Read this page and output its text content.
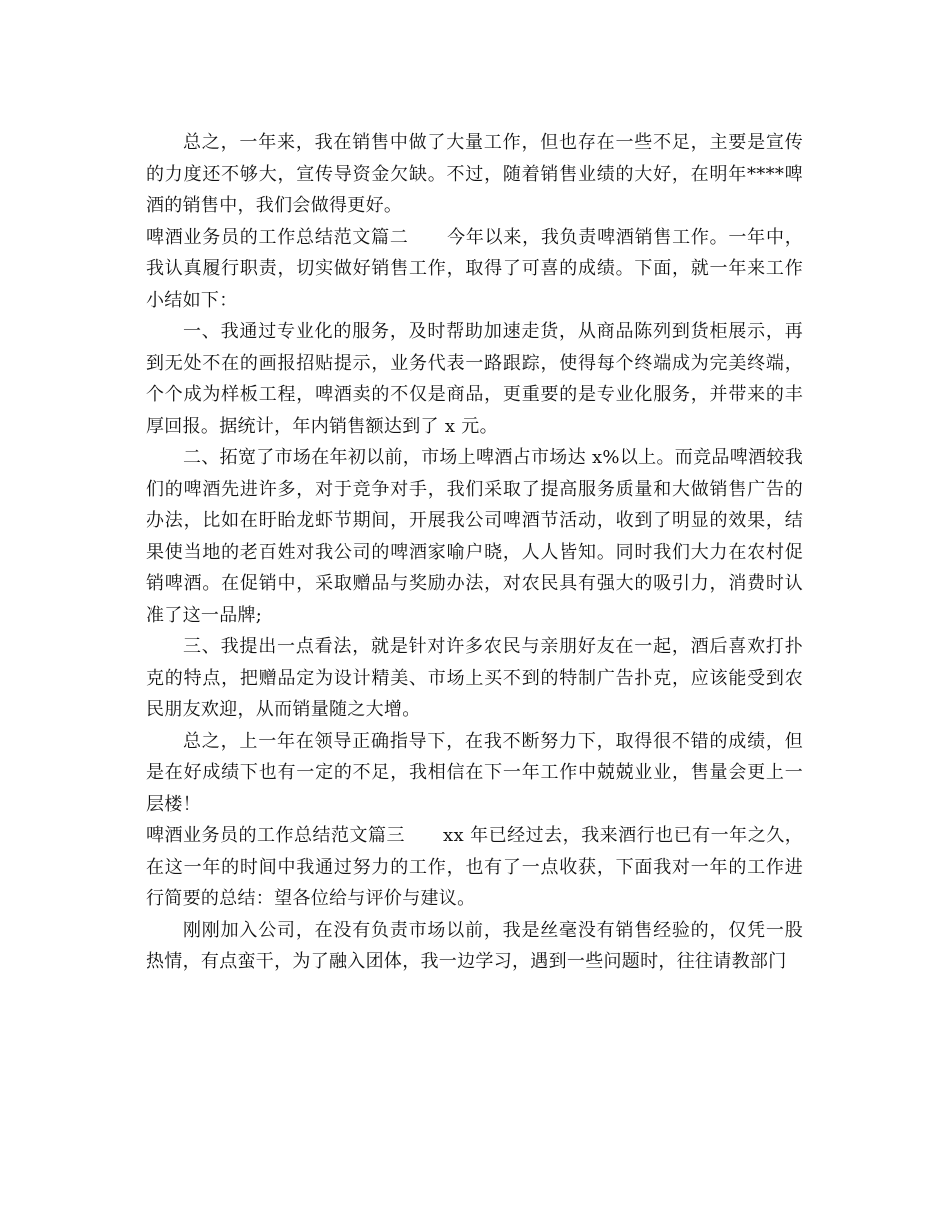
总之，一年来，我在销售中做了大量工作，但也存在一些不足，主要是宣传的力度还不够大，宣传导资金欠缺。不过，随着销售业绩的大好，在明年****啤酒的销售中，我们会做得更好。

啤酒业务员的工作总结范文篇二 今年以来，我负责啤酒销售工作。一年中，我认真履行职责，切实做好销售工作，取得了可喜的成绩。下面，就一年来工作小结如下：

一、我通过专业化的服务，及时帮助加速走货，从商品陈列到货柜展示，再到无处不在的画报招贴提示，业务代表一路跟踪，使得每个终端成为完美终端，个个成为样板工程，啤酒卖的不仅是商品，更重要的是专业化服务，并带来的丰厚回报。据统计，年内销售额达到了 x 元。

二、拓宽了市场在年初以前，市场上啤酒占市场达 x%以上。而竞品啤酒较我们的啤酒先进许多，对于竞争对手，我们采取了提高服务质量和大做销售广告的办法，比如在盱眙龙虾节期间，开展我公司啤酒节活动，收到了明显的效果，结果使当地的老百姓对我公司的啤酒家喻户晓，人人皆知。同时我们大力在农村促销啤酒。在促销中，采取赠品与奖励办法，对农民具有强大的吸引力，消费时认准了这一品牌;

三、我提出一点看法，就是针对许多农民与亲朋好友在一起，酒后喜欢打扑克的特点，把赠品定为设计精美、市场上买不到的特制广告扑克，应该能受到农民朋友欢迎，从而销量随之大增。

总之，上一年在领导正确指导下，在我不断努力下，取得很不错的成绩，但是在好成绩下也有一定的不足，我相信在下一年工作中兢兢业业，售量会更上一层楼！

啤酒业务员的工作总结范文篇三 xx 年已经过去，我来酒行也已有一年之久，在这一年的时间中我通过努力的工作，也有了一点收获，下面我对一年的工作进行简要的总结：望各位给与评价与建议。

刚刚加入公司，在没有负责市场以前，我是丝毫没有销售经验的，仅凭一股热情，有点蛮干，为了融入团体，我一边学习，遇到一些问题时，往往请教部门
